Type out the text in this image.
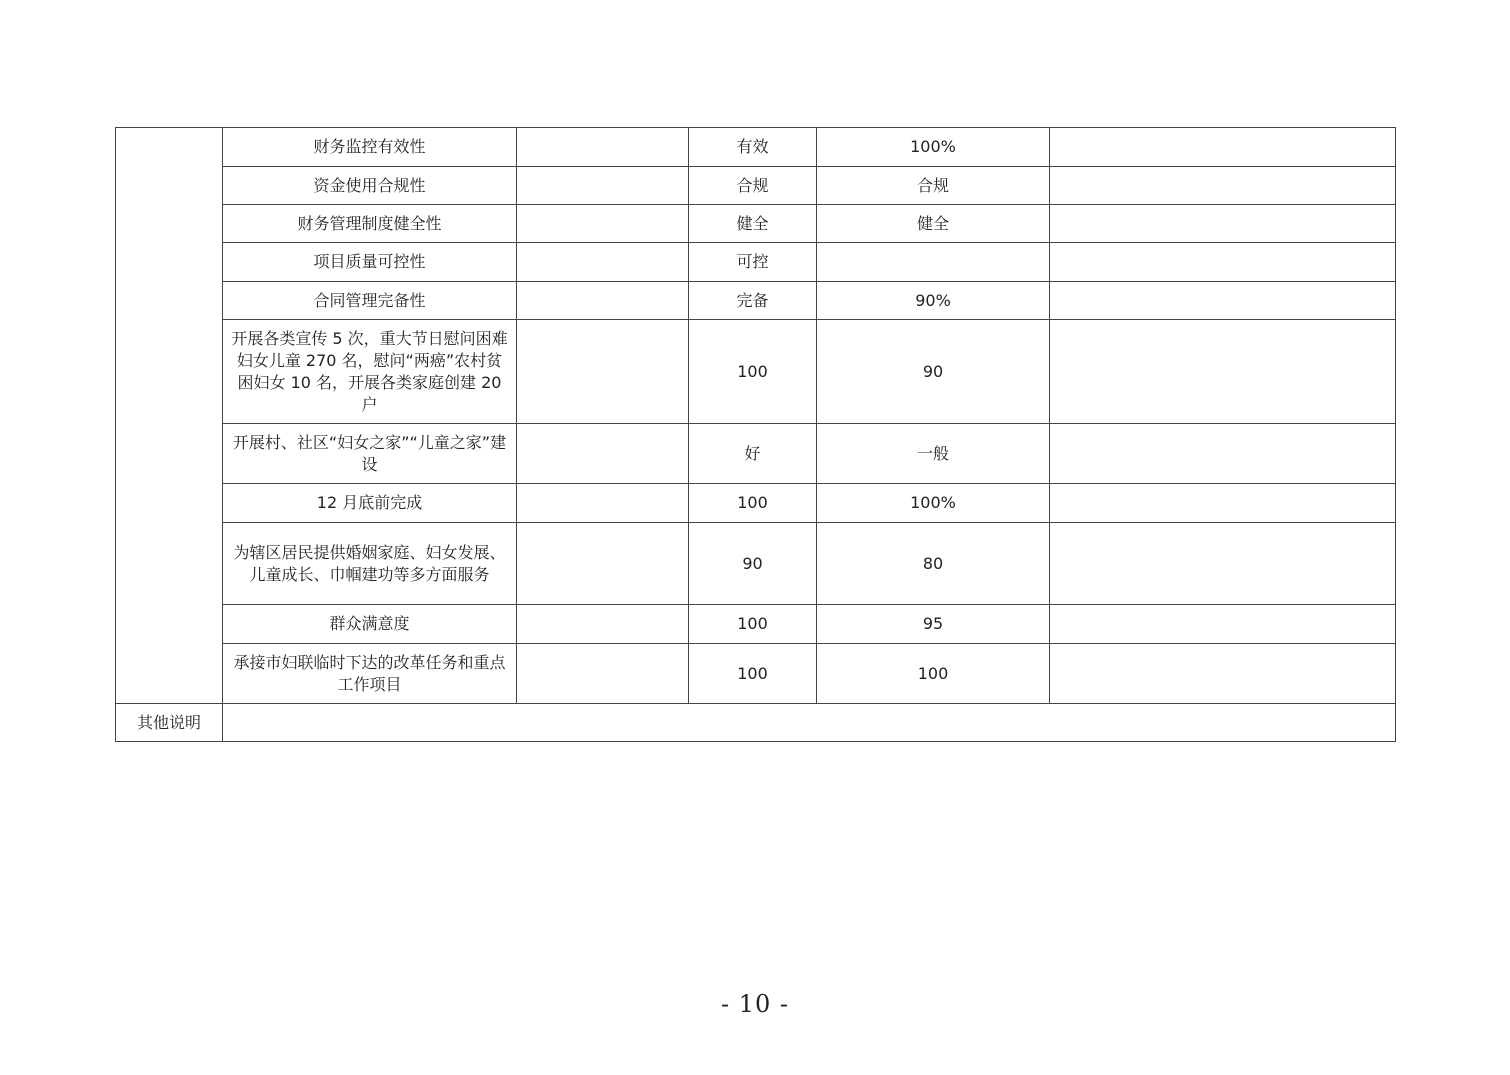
	财务监控有效性		有效	100%	
	资金使用合规性		合规	合规	
	财务管理制度健全性		健全	健全	
	项目质量可控性		可控		
	合同管理完备性		完备	90%	
	开展各类宣传 5 次，重大节日慰问困难妇女儿童 270 名，慰问“两癌”农村贫困妇女 10 名，开展各类家庭创建 20 户		100	90	
	开展村、社区“妇女之家”“儿童之家”建设		好	一般	
	12 月底前完成		100	100%	
	为辖区居民提供婚姻家庭、妇女发展、儿童成长、巾帼建功等多方面服务		90	80	
	群众满意度		100	95	
	承接市妇联临时下达的改革任务和重点工作项目		100	100	
其他说明					
- 10 -
